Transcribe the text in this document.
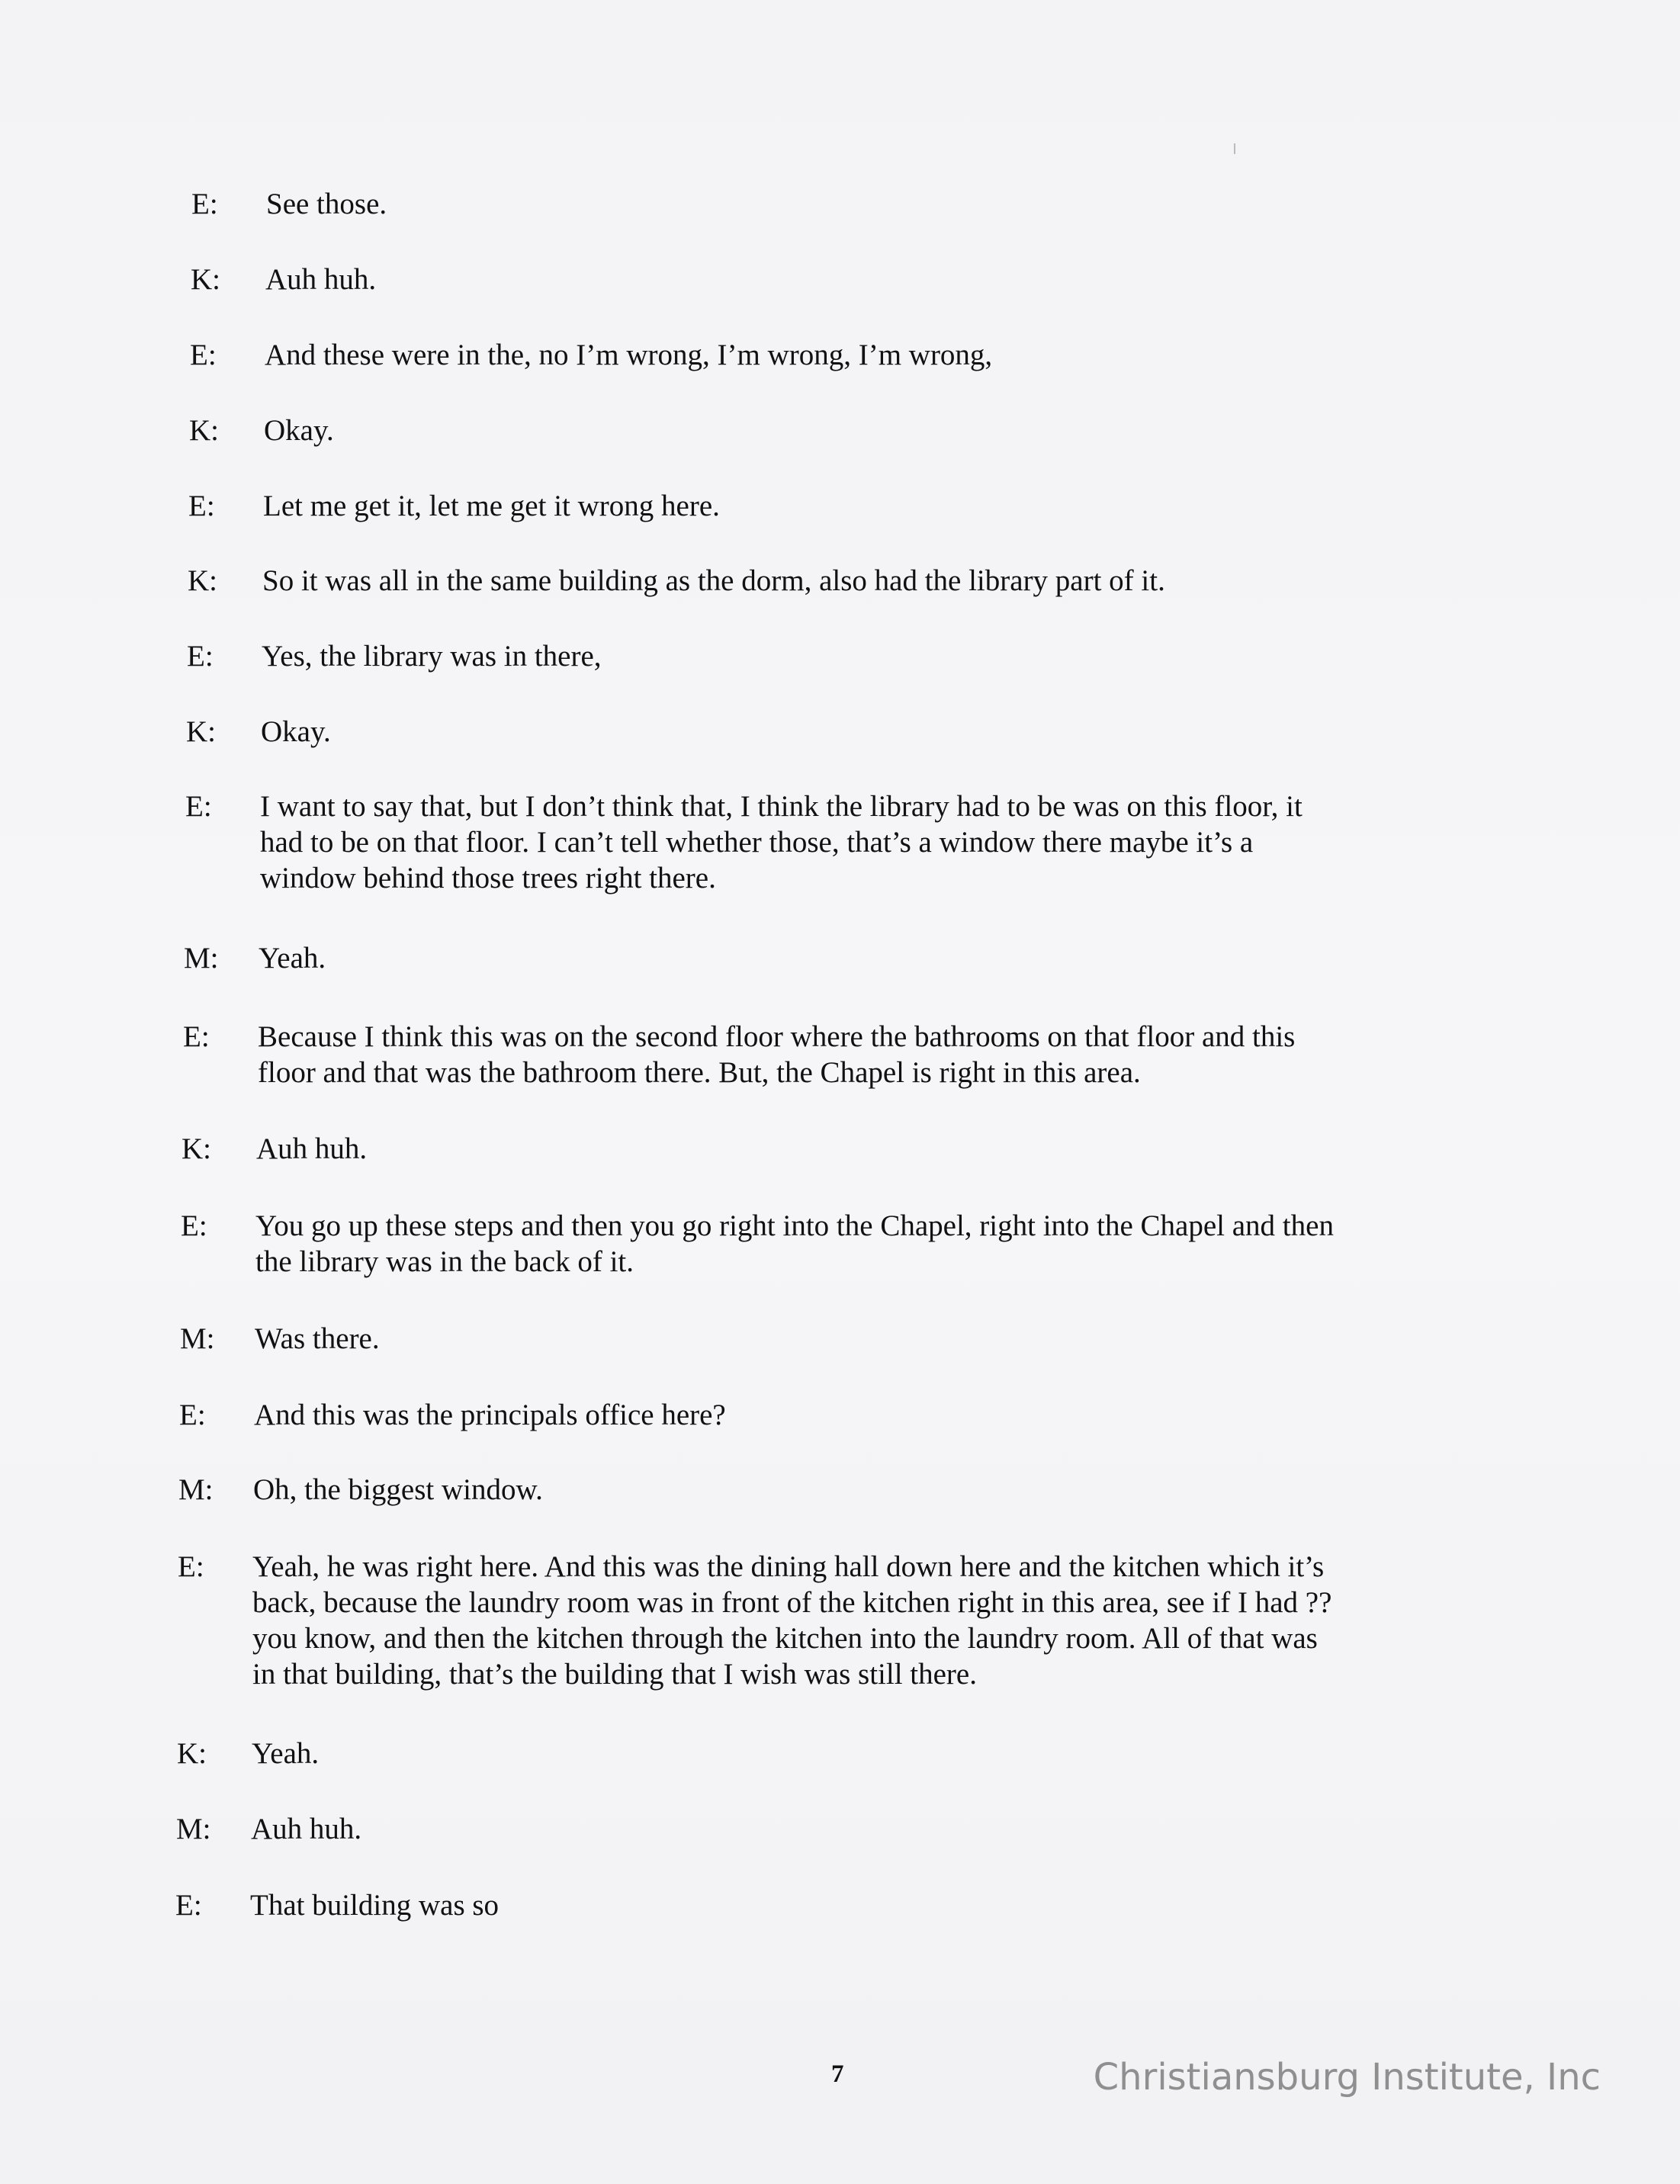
E:	See those.
K:	Auh huh.
E:	And these were in the, no I’m wrong, I’m wrong, I’m wrong,
K:	Okay.
E:	Let me get it, let me get it wrong here.
K:	So it was all in the same building as the dorm, also had the library part of it.
E:	Yes, the library was in there,
K:	Okay.
E:	I want to say that, but I don’t think that, I think the library had to be was on this floor, it
had to be on that floor. I can’t tell whether those, that’s a window there maybe it’s a
window behind those trees right there.
M:	Yeah.
E:	Because I think this was on the second floor where the bathrooms on that floor and this
floor and that was the bathroom there. But, the Chapel is right in this area.
K:	Auh huh.
E:	You go up these steps and then you go right into the Chapel, right into the Chapel and then
the library was in the back of it.
M:	Was there.
E:	And this was the principals office here?
M:	Oh, the biggest window.
E:	Yeah, he was right here. And this was the dining hall down here and the kitchen which it’s
back, because the laundry room was in front of the kitchen right in this area, see if I had ??
you know, and then the kitchen through the kitchen into the laundry room. All of that was
in that building, that’s the building that I wish was still there.
K:	Yeah.
M:	Auh huh.
E:	That building was so
7	Christiansburg Institute, Inc
